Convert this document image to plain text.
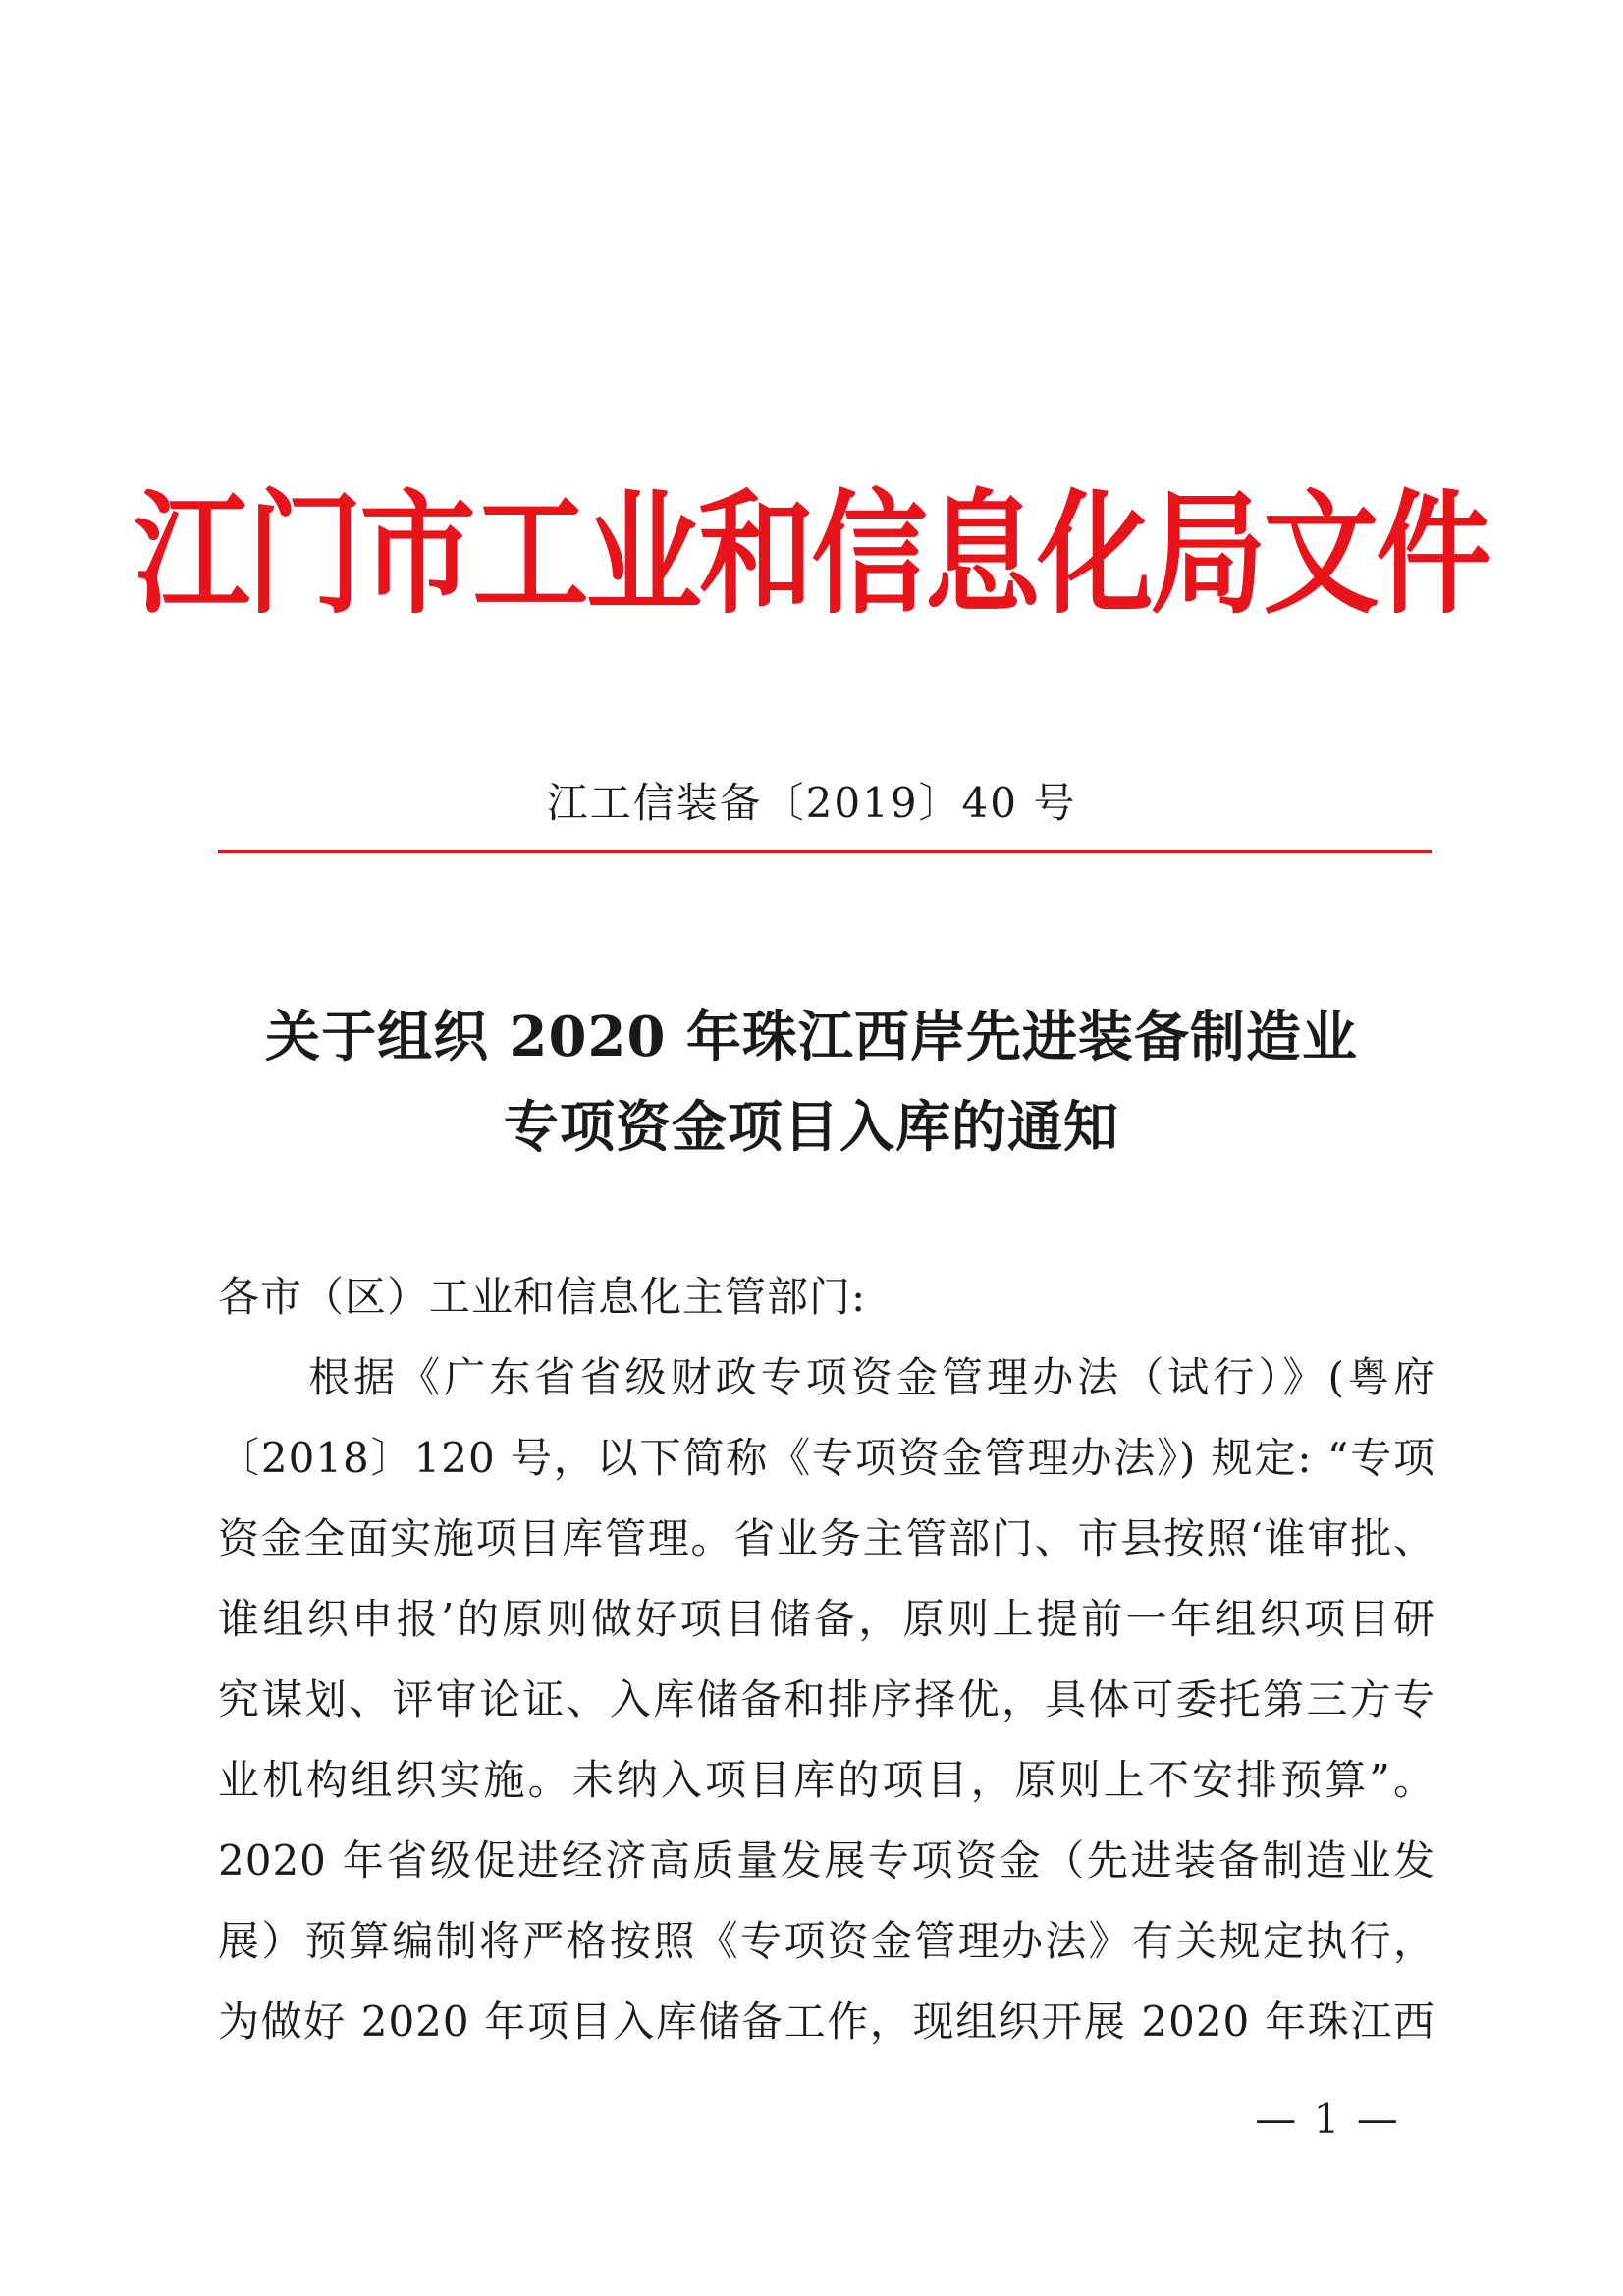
江门市工业和信息化局文件
江工信装备〔2019〕40 号
关于组织 2020 年珠江西岸先进装备制造业
专项资金项目入库的通知
各市（区）工业和信息化主管部门:
　　根据《广东省省级财政专项资金管理办法（试行）》(粤府
〔2018〕120 号，以下简称《专项资金管理办法》) 规定: “专项
资金全面实施项目库管理。省业务主管部门、市县按照‘谁审批、
谁组织申报’的原则做好项目储备，原则上提前一年组织项目研
究谋划、评审论证、入库储备和排序择优，具体可委托第三方专
业机构组织实施。未纳入项目库的项目，原则上不安排预算”。
2020 年省级促进经济高质量发展专项资金（先进装备制造业发
展）预算编制将严格按照《专项资金管理办法》有关规定执行，
为做好 2020 年项目入库储备工作，现组织开展 2020 年珠江西
— 1 —
